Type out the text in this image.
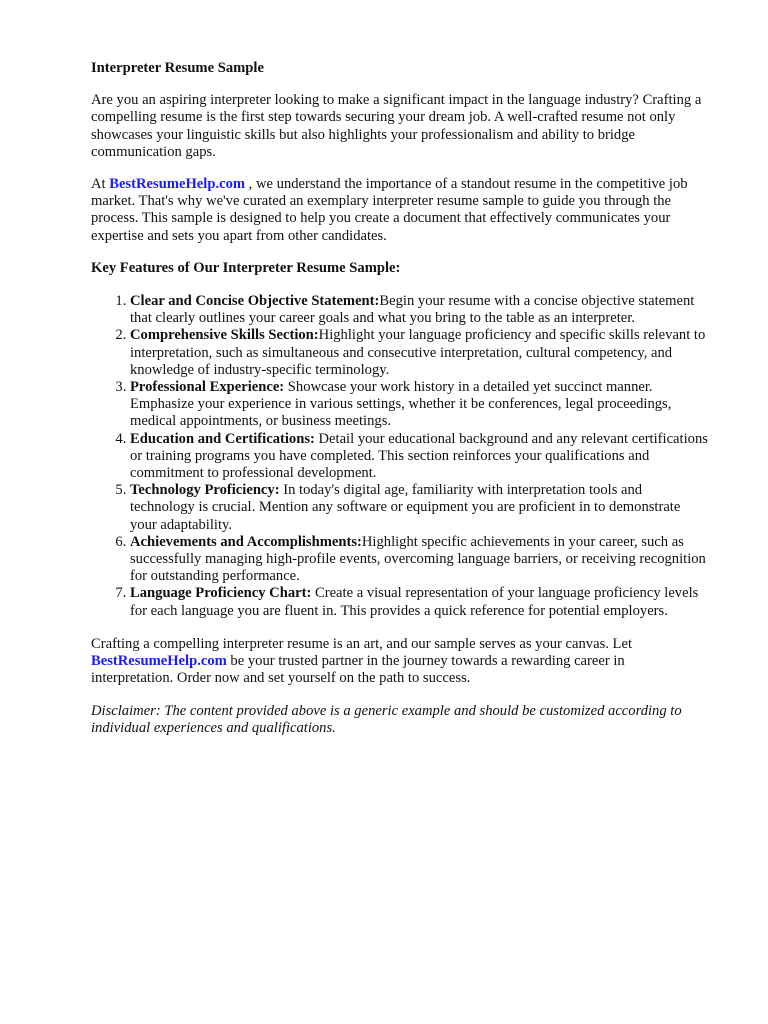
Interpreter Resume Sample

Are you an aspiring interpreter looking to make a significant impact in the language industry? Crafting a compelling resume is the first step towards securing your dream job. A well-crafted resume not only showcases your linguistic skills but also highlights your professionalism and ability to bridge communication gaps.

At BestResumeHelp.com , we understand the importance of a standout resume in the competitive job market. That's why we've curated an exemplary interpreter resume sample to guide you through the process. This sample is designed to help you create a document that effectively communicates your expertise and sets you apart from other candidates.

Key Features of Our Interpreter Resume Sample:
1. Clear and Concise Objective Statement:Begin your resume with a concise objective statement that clearly outlines your career goals and what you bring to the table as an interpreter.
2. Comprehensive Skills Section:Highlight your language proficiency and specific skills relevant to interpretation, such as simultaneous and consecutive interpretation, cultural competency, and knowledge of industry-specific terminology.
3. Professional Experience: Showcase your work history in a detailed yet succinct manner. Emphasize your experience in various settings, whether it be conferences, legal proceedings, medical appointments, or business meetings.
4. Education and Certifications: Detail your educational background and any relevant certifications or training programs you have completed. This section reinforces your qualifications and commitment to professional development.
5. Technology Proficiency: In today's digital age, familiarity with interpretation tools and technology is crucial. Mention any software or equipment you are proficient in to demonstrate your adaptability.
6. Achievements and Accomplishments:Highlight specific achievements in your career, such as successfully managing high-profile events, overcoming language barriers, or receiving recognition for outstanding performance.
7. Language Proficiency Chart: Create a visual representation of your language proficiency levels for each language you are fluent in. This provides a quick reference for potential employers.

Crafting a compelling interpreter resume is an art, and our sample serves as your canvas. Let BestResumeHelp.com be your trusted partner in the journey towards a rewarding career in interpretation. Order now and set yourself on the path to success.

Disclaimer: The content provided above is a generic example and should be customized according to individual experiences and qualifications.
